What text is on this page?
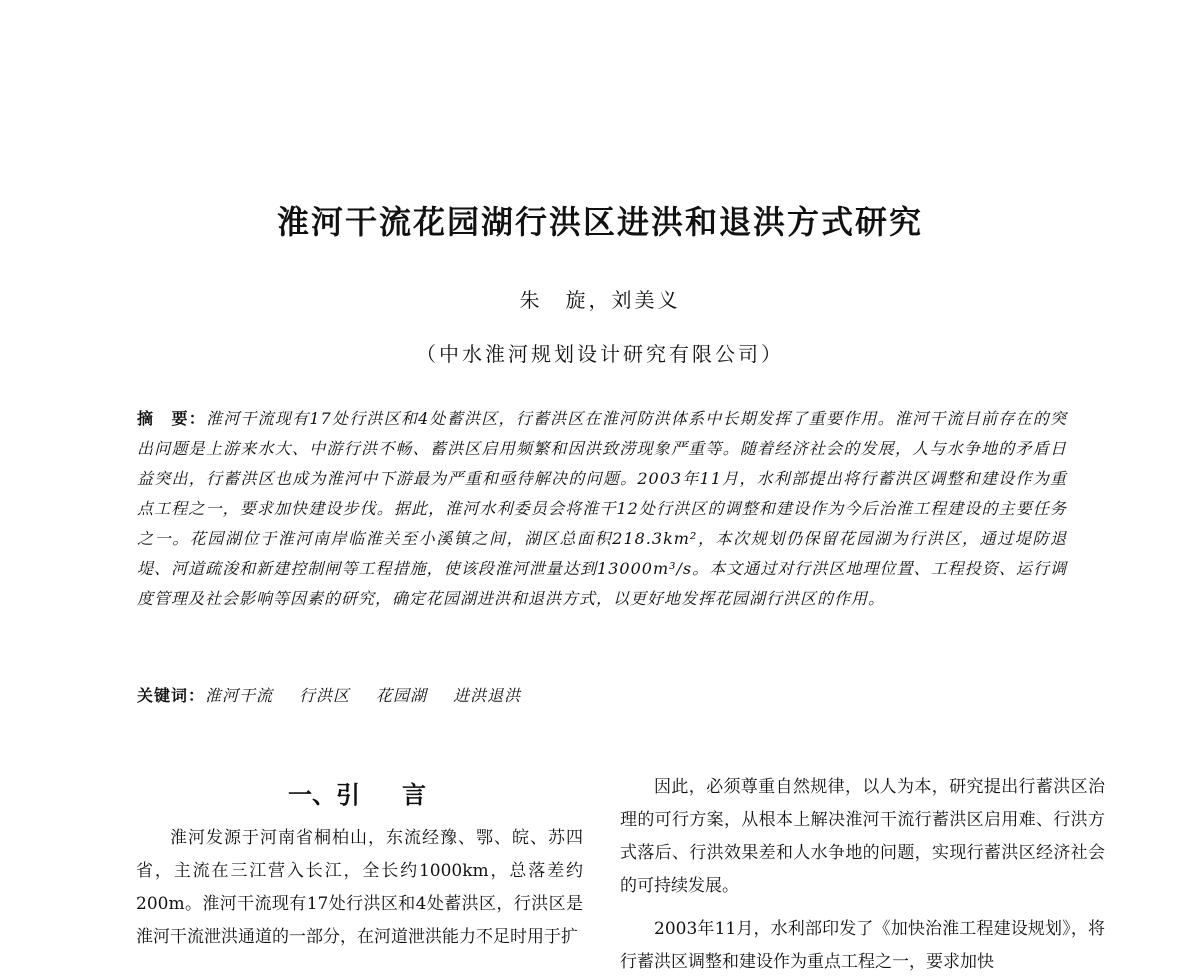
淮河干流花园湖行洪区进洪和退洪方式研究
朱　旋，刘美义
（中水淮河规划设计研究有限公司）
摘　要：淮河干流现有17处行洪区和4处蓄洪区，行蓄洪区在淮河防洪体系中长期发挥了重要作用。淮河干流目前存在的突出问题是上游来水大、中游行洪不畅、蓄洪区启用频繁和因洪致涝现象严重等。随着经济社会的发展，人与水争地的矛盾日益突出，行蓄洪区也成为淮河中下游最为严重和亟待解决的问题。2003年11月，水利部提出将行蓄洪区调整和建设作为重点工程之一，要求加快建设步伐。据此，淮河水利委员会将淮干12处行洪区的调整和建设作为今后治淮工程建设的主要任务之一。花园湖位于淮河南岸临淮关至小溪镇之间，湖区总面积218.3km²，本次规划仍保留花园湖为行洪区，通过堤防退堤、河道疏浚和新建控制闸等工程措施，使该段淮河泄量达到13000m³/s。本文通过对行洪区地理位置、工程投资、运行调度管理及社会影响等因素的研究，确定花园湖进洪和退洪方式，以更好地发挥花园湖行洪区的作用。
关键词：淮河干流 行洪区 花园湖 进洪退洪
一、引 言

淮河发源于河南省桐柏山，东流经豫、鄂、皖、苏四省，主流在三江营入长江，全长约1000km，总落差约200m。淮河干流现有17处行洪区和4处蓄洪区，行洪区是淮河干流泄洪通道的一部分，在河道泄洪能力不足时用于扩

因此，必须尊重自然规律，以人为本，研究提出行蓄洪区治理的可行方案，从根本上解决淮河干流行蓄洪区启用难、行洪方式落后、行洪效果差和人水争地的问题，实现行蓄洪区经济社会的可持续发展。

2003年11月，水利部印发了《加快治淮工程建设规划》，将行蓄洪区调整和建设作为重点工程之一，要求加快
